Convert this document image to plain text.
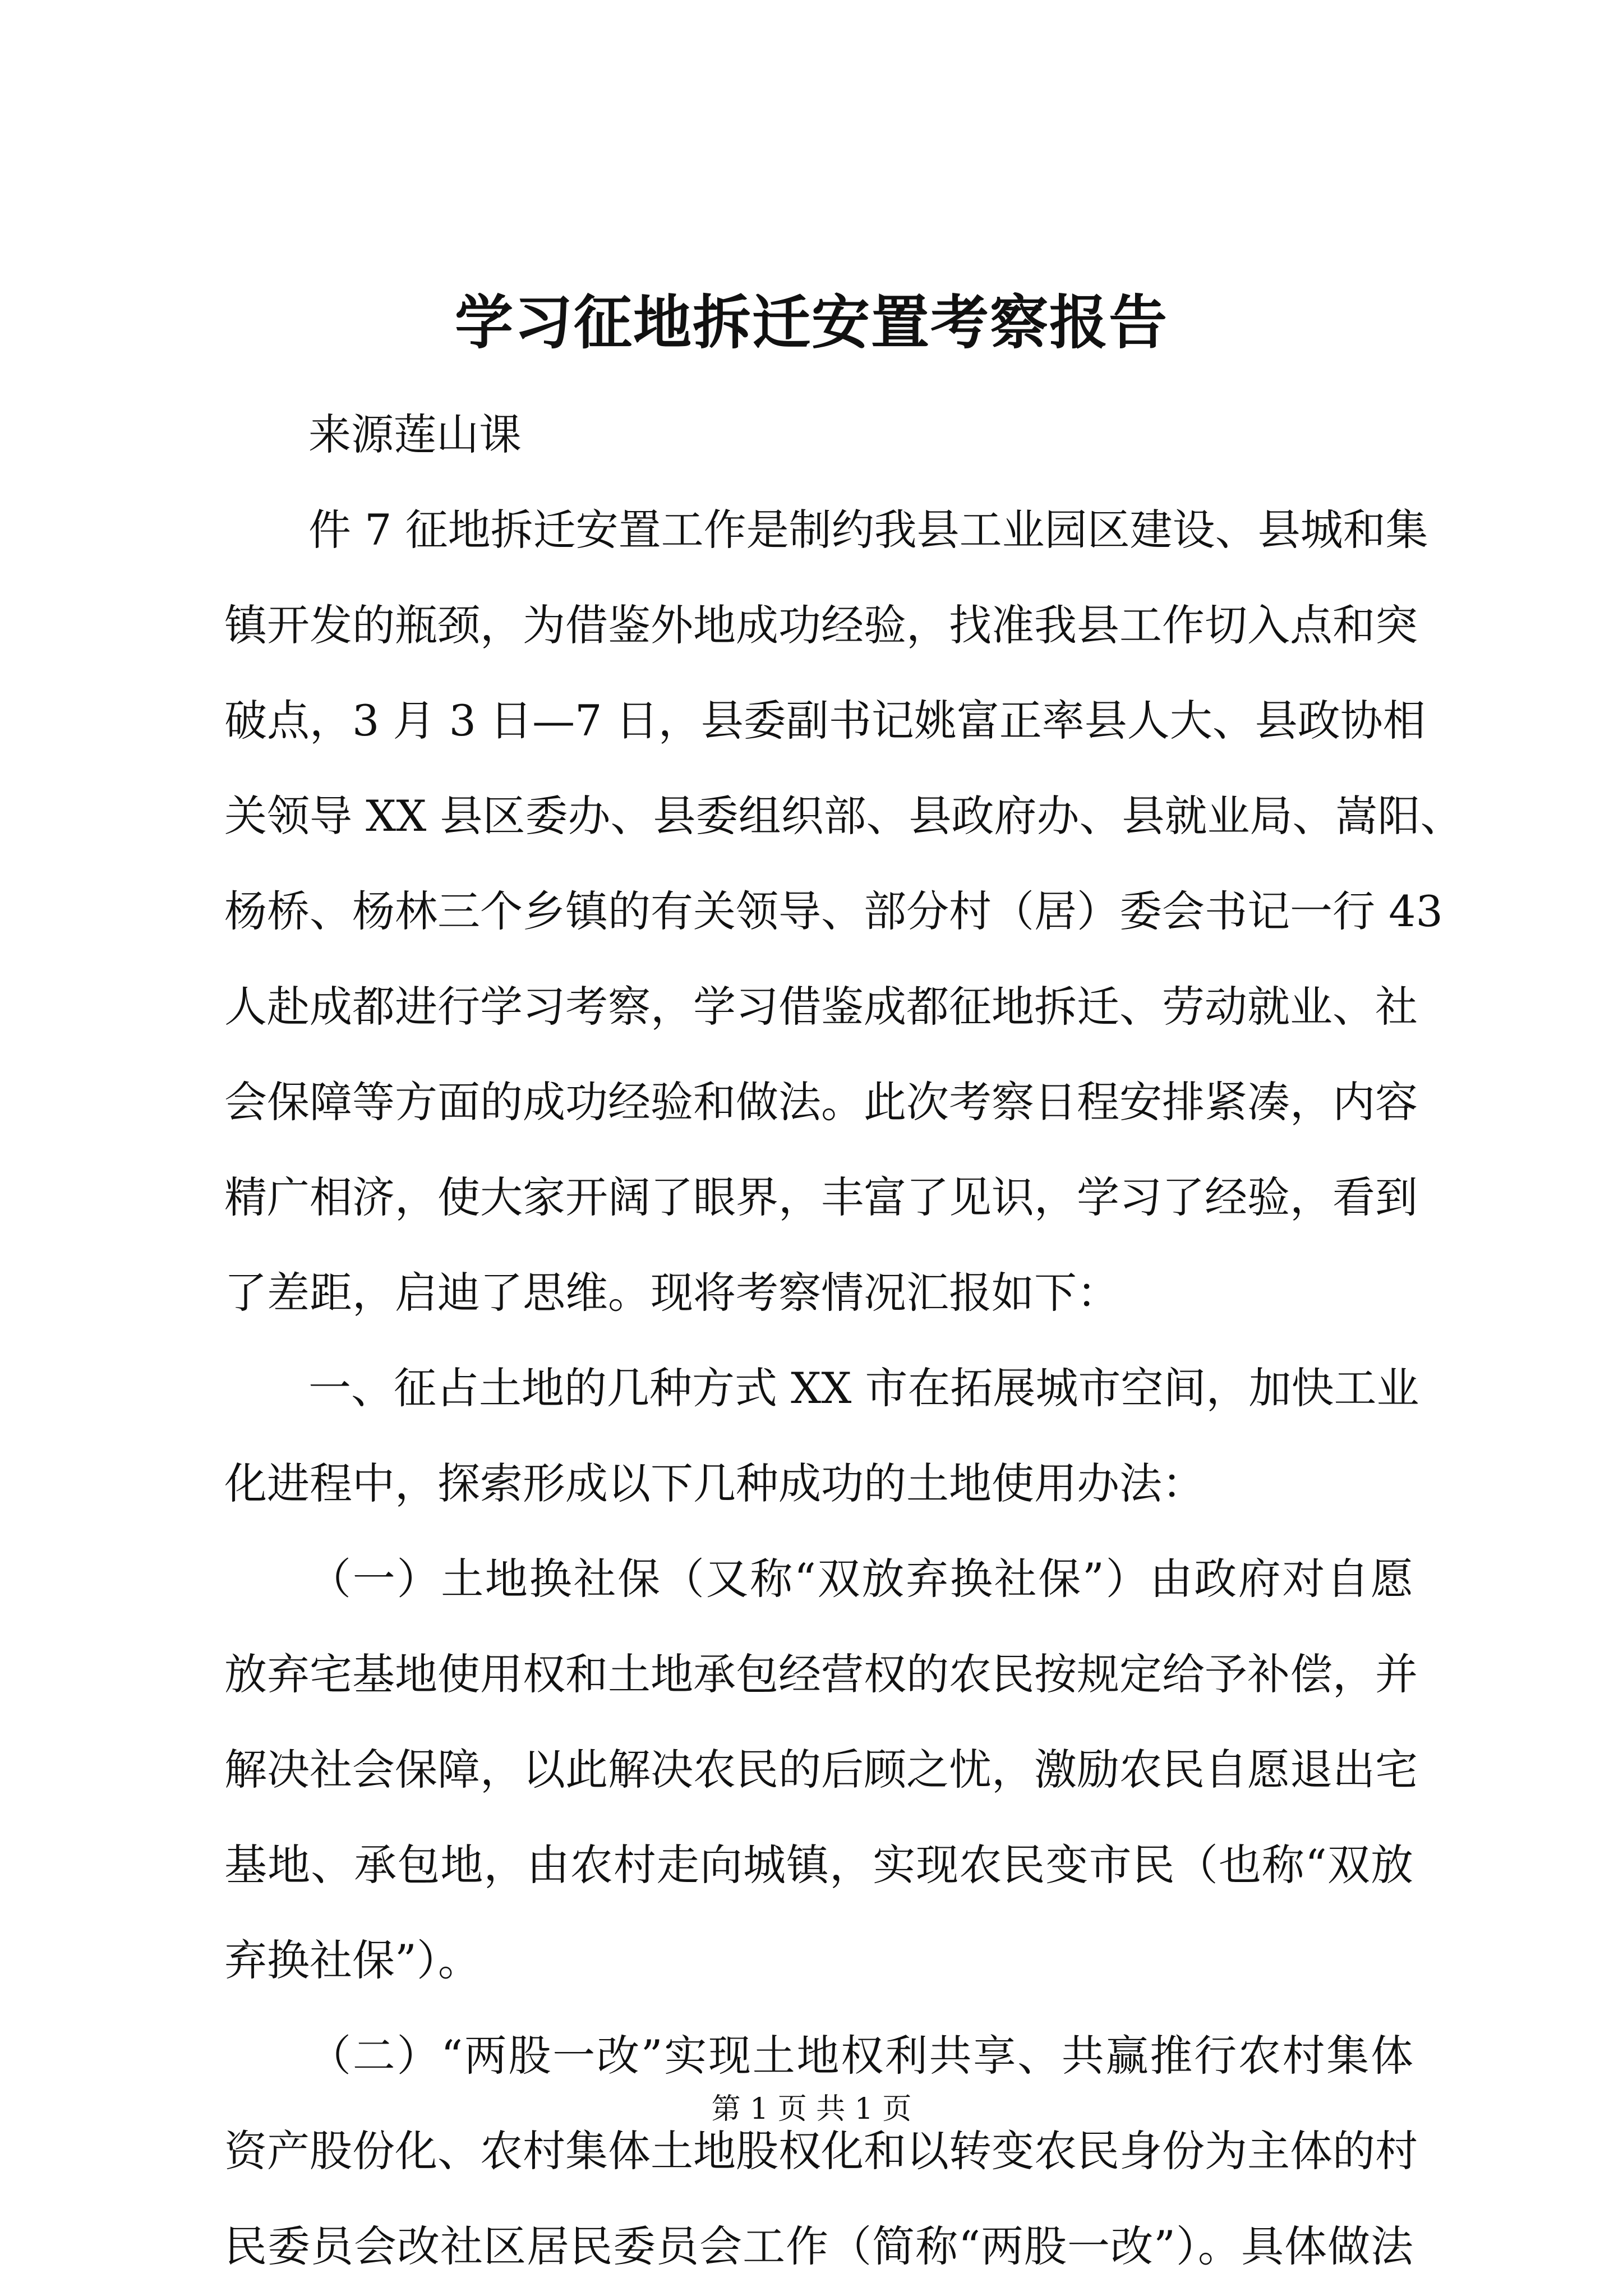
学习征地拆迁安置考察报告
来源莲山课
件 7 征地拆迁安置工作是制约我县工业园区建设、县城和集
镇开发的瓶颈，为借鉴外地成功经验，找准我县工作切入点和突
破点，3 月 3 日—7 日，县委副书记姚富正率县人大、县政协相
关领导 XX 县区委办、县委组织部、县政府办、县就业局、嵩阳、
杨桥、杨林三个乡镇的有关领导、部分村（居）委会书记一行 43
人赴成都进行学习考察，学习借鉴成都征地拆迁、劳动就业、社
会保障等方面的成功经验和做法。此次考察日程安排紧凑，内容
精广相济，使大家开阔了眼界，丰富了见识，学习了经验，看到
了差距，启迪了思维。现将考察情况汇报如下：
一、征占土地的几种方式 XX 市在拓展城市空间，加快工业
化进程中，探索形成以下几种成功的土地使用办法：
（一）土地换社保（又称“双放弃换社保”）由政府对自愿
放弃宅基地使用权和土地承包经营权的农民按规定给予补偿，并
解决社会保障，以此解决农民的后顾之忧，激励农民自愿退出宅
基地、承包地，由农村走向城镇，实现农民变市民（也称“双放
弃换社保”）。
（二）“两股一改”实现土地权利共享、共赢推行农村集体
资产股份化、农村集体土地股权化和以转变农民身份为主体的村
民委员会改社区居民委员会工作（简称“两股一改”）。具体做法
第 1 页 共 1 页
